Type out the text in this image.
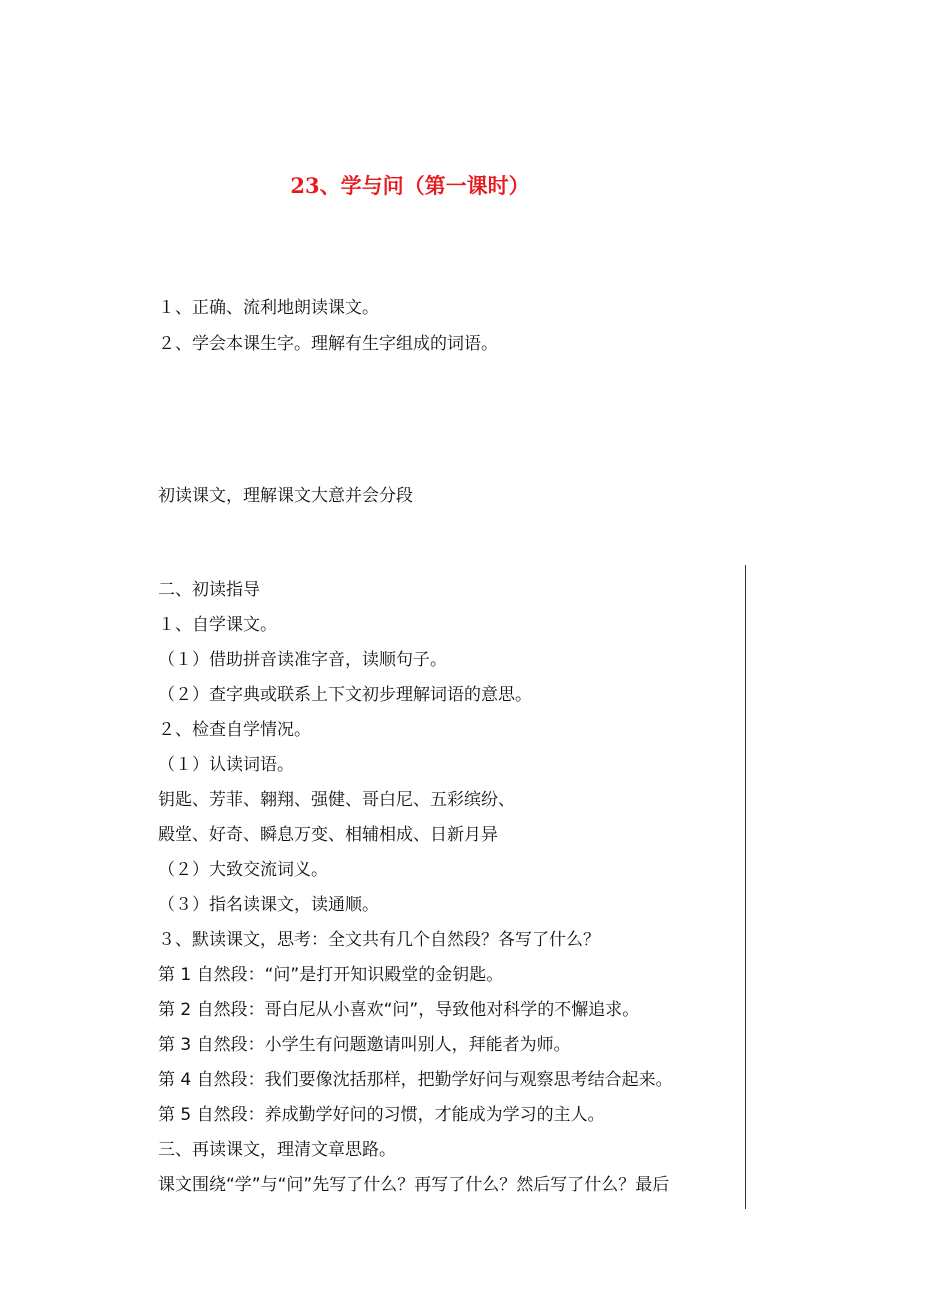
23、学与问（第一课时）
１、正确、流利地朗读课文。
２、学会本课生字。理解有生字组成的词语。
初读课文，理解课文大意并会分段
二、初读指导
１、自学课文。
（１）借助拼音读准字音，读顺句子。
（２）查字典或联系上下文初步理解词语的意思。
２、检查自学情况。
（１）认读词语。
钥匙、芳菲、翱翔、强健、哥白尼、五彩缤纷、
殿堂、好奇、瞬息万变、相辅相成、日新月异
（２）大致交流词义。
（３）指名读课文，读通顺。
３、默读课文，思考：全文共有几个自然段？各写了什么？
第 1 自然段：“问”是打开知识殿堂的金钥匙。
第 2 自然段：哥白尼从小喜欢“问”，导致他对科学的不懈追求。
第 3 自然段：小学生有问题邀请叫别人，拜能者为师。
第 4 自然段：我们要像沈括那样，把勤学好问与观察思考结合起来。
第 5 自然段：养成勤学好问的习惯，才能成为学习的主人。
三、再读课文，理清文章思路。
课文围绕“学”与“问”先写了什么？再写了什么？然后写了什么？最后
